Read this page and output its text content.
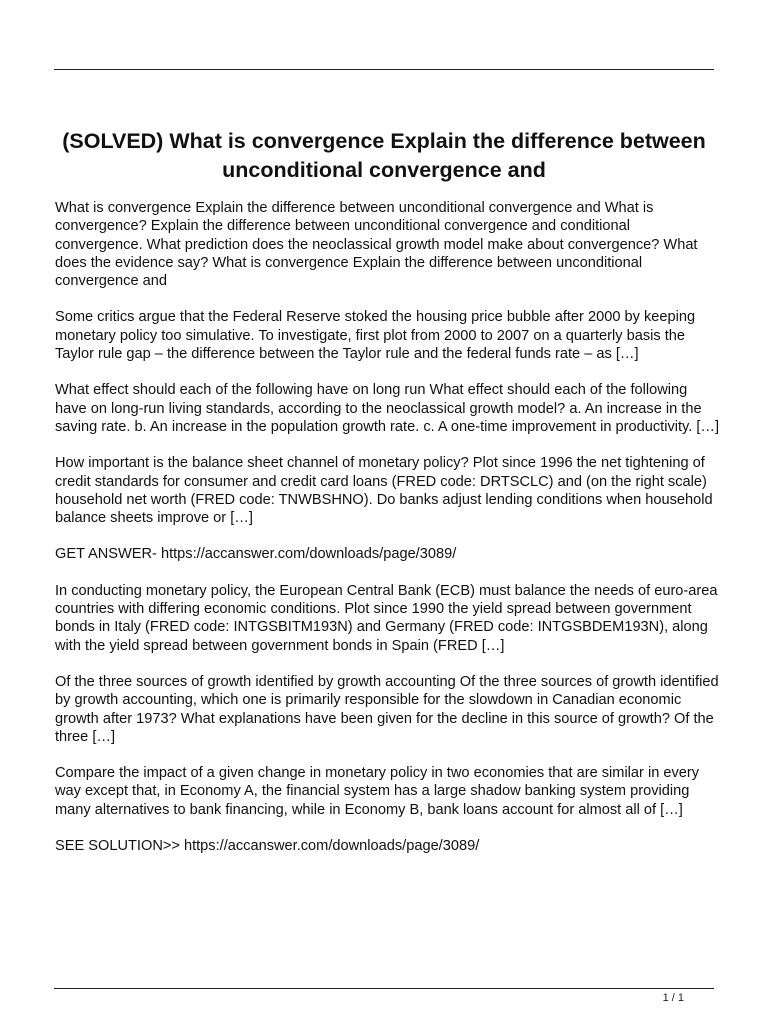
(SOLVED) What is convergence Explain the difference between unconditional convergence and

What is convergence Explain the difference between unconditional convergence and What is convergence? Explain the difference between unconditional convergence and conditional convergence. What prediction does the neoclassical growth model make about convergence? What does the evidence say? What is convergence Explain the difference between unconditional convergence and

Some critics argue that the Federal Reserve stoked the housing price bubble after 2000 by keeping monetary policy too simulative. To investigate, first plot from 2000 to 2007 on a quarterly basis the Taylor rule gap – the difference between the Taylor rule and the federal funds rate – as […]

What effect should each of the following have on long run What effect should each of the following have on long-run living standards, according to the neoclassical growth model? a. An increase in the saving rate. b. An increase in the population growth rate. c. A one-time improvement in productivity. […]

How important is the balance sheet channel of monetary policy? Plot since 1996 the net tightening of credit standards for consumer and credit card loans (FRED code: DRTSCLC) and (on the right scale) household net worth (FRED code: TNWBSHNO). Do banks adjust lending conditions when household balance sheets improve or […]

GET ANSWER- https://accanswer.com/downloads/page/3089/

In conducting monetary policy, the European Central Bank (ECB) must balance the needs of euro-area countries with differing economic conditions. Plot since 1990 the yield spread between government bonds in Italy (FRED code: INTGSBITM193N) and Germany (FRED code: INTGSBDEM193N), along with the yield spread between government bonds in Spain (FRED […]

Of the three sources of growth identified by growth accounting Of the three sources of growth identified by growth accounting, which one is primarily responsible for the slowdown in Canadian economic growth after 1973? What explanations have been given for the decline in this source of growth? Of the three […]

Compare the impact of a given change in monetary policy in two economies that are similar in every way except that, in Economy A, the financial system has a large shadow banking system providing many alternatives to bank financing, while in Economy B, bank loans account for almost all of […]

SEE SOLUTION>> https://accanswer.com/downloads/page/3089/

1 / 1
